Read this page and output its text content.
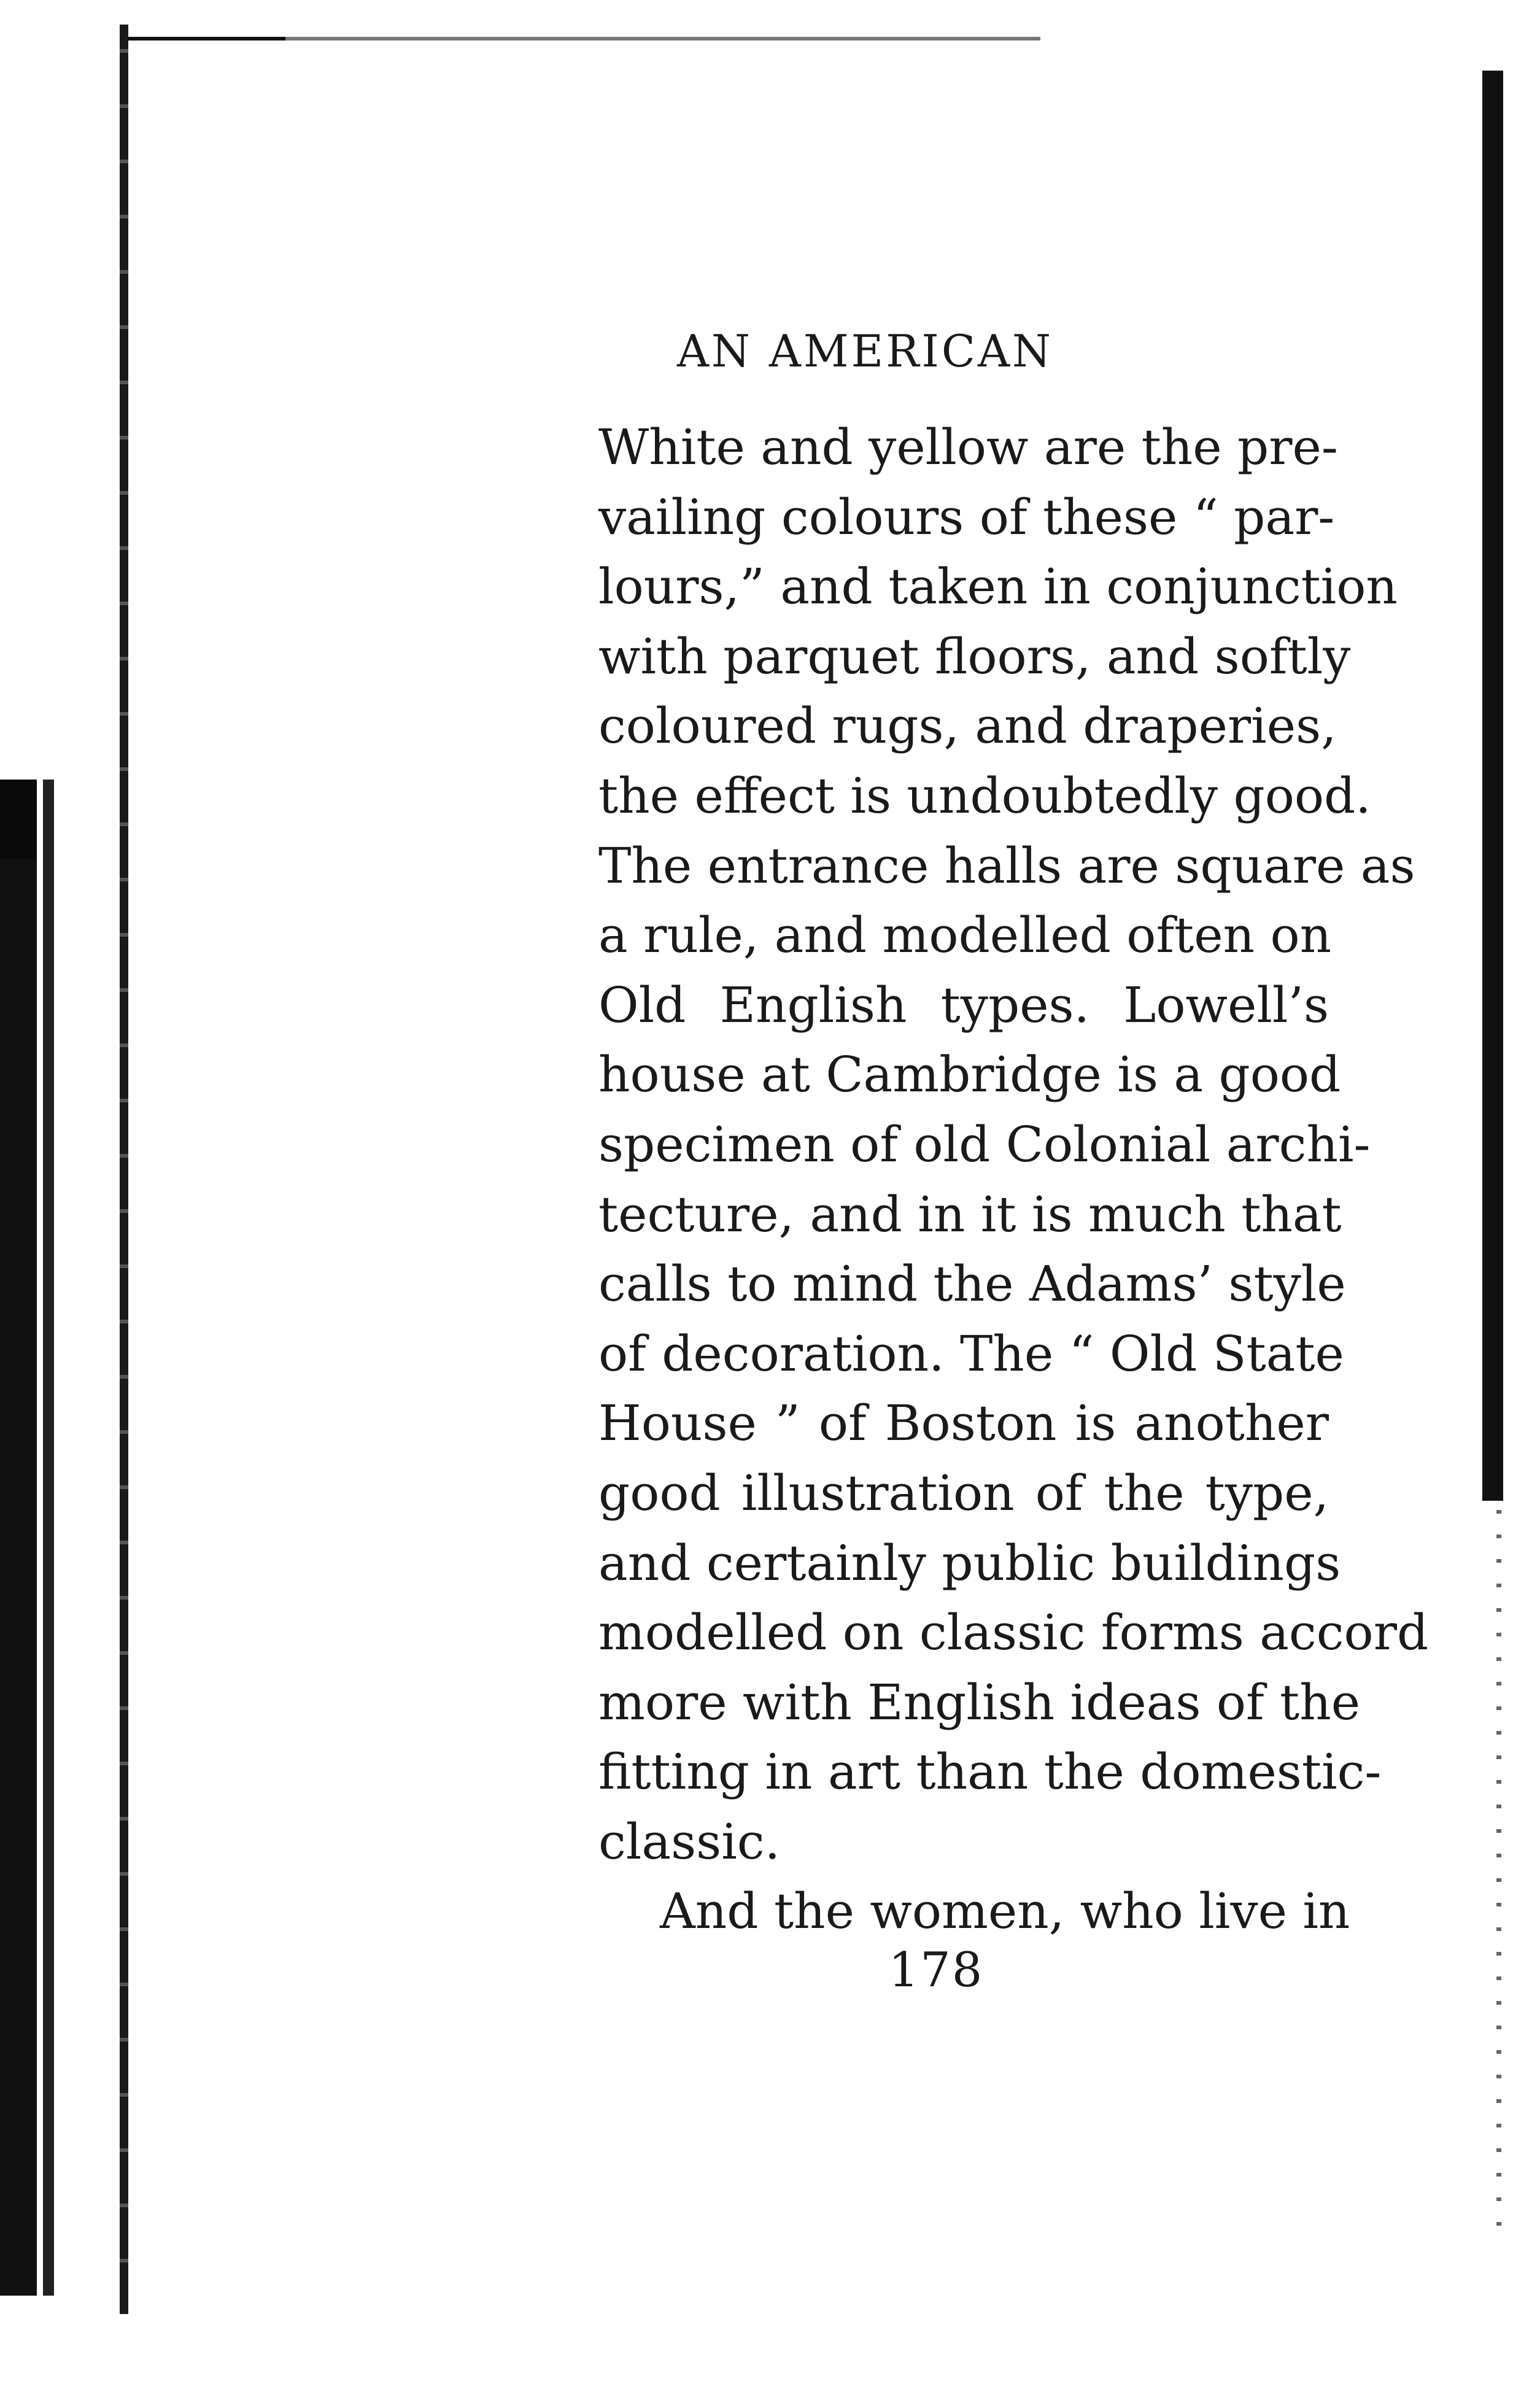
AN AMERICAN
White and yellow are the pre-
vailing colours of these “ par-
lours,” and taken in conjunction
with parquet floors, and softly
coloured rugs, and draperies,
the effect is undoubtedly good.
The entrance halls are square as
a rule, and modelled often on
Old English types. Lowell’s
house at Cambridge is a good
specimen of old Colonial archi-
tecture, and in it is much that
calls to mind the Adams’ style
of decoration. The “ Old State
House ” of Boston is another
good illustration of the type,
and certainly public buildings
modelled on classic forms accord
more with English ideas of the
fitting in art than the domestic-
classic.
And the women, who live in
178
